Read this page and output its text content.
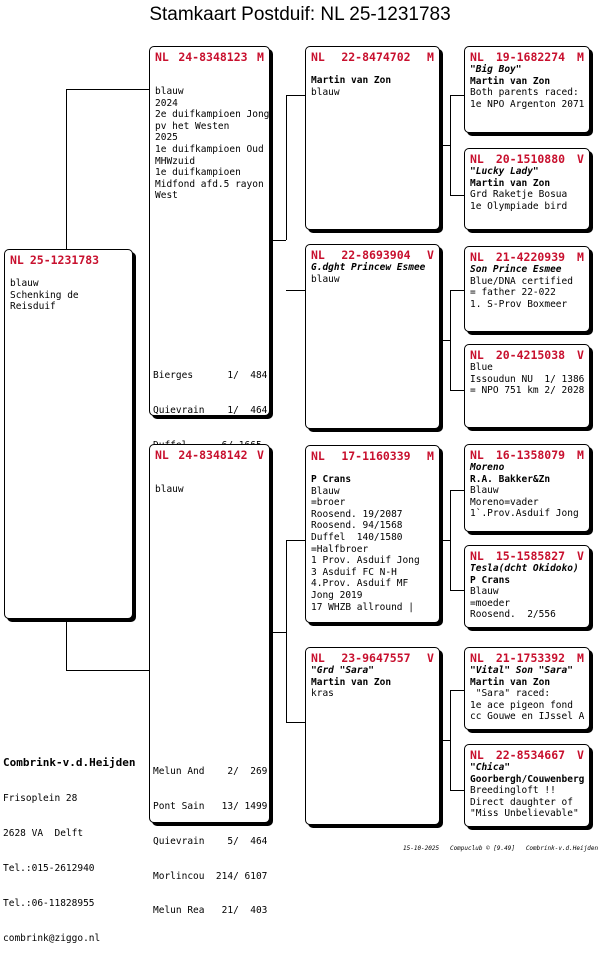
Stamkaart Postduif: NL 25-1231783
NL 25-1231783
blauw
Schenking de
Reisduif
NL 24-8348123 M
blauw
2024
2e duifkampioen Jong
pv het Westen
2025
1e duifkampioen Oud
MHWzuid
1e duifkampioen
Midfond afd.5 rayon
West

Bierges      1/  484

Quievrain    1/  464

NL 24-8348142 V
blauw

Melun And    2/  269

Pont Sain   13/ 1499

Quievrain    5/  464

Morlincou  214/ 6107

Melun Rea   21/  403

NL 22-8474702 M
Martin van Zon
blauw
NL 22-8693904 V
G.dght Princew Esmee
blauw
NL 17-1160339 M
P Crans
Blauw
=broer
Roosend. 19/2087
Roosend. 94/1568
Duffel  140/1580
=Halfbroer
1 Prov. Asduif Jong
3 Asduif FC N-H
4.Prov. Asduif MF
Jong 2019
17 WHZB allround |
NL 23-9647557 V
"Grd "Sara"
Martin van Zon
kras
NL 19-1682274 M
"Big Boy"
Martin van Zon
Both parents raced:
1e NPO Argenton 2071
NL 20-1510880 V
"Lucky Lady"
Martin van Zon
Grd Raketje Bosua
1e Olympiade bird
NL 21-4220939 M
Son Prince Esmee
Blue/DNA certified
= father 22-022
1. S-Prov Boxmeer
NL 20-4215038 V
Blue
Issoudun NU  1/ 1386
= NPO 751 km 2/ 2028
NL 16-1358079 M
Moreno
R.A. Bakker&Zn
Blauw
Moreno=vader
1`.Prov.Asduif Jong
NL 15-1585827 V
Tesla(dcht Okidoko)
P Crans
Blauw
=moeder
Roosend.  2/556
NL 21-1753392 M
"Vital" Son "Sara"
Martin van Zon
"Sara" raced:
1e ace pigeon fond
cc Gouwe en IJssel A
NL 22-8534667 V
"Chica"
Goorbergh/Couwenberg
Breedingloft !!
Direct daughter of
"Miss Unbelievable"

Combrink-v.d.Heijden

Frisoplein 28

2628 VA  Delft

Tel.:015-2612940

Tel.:06-11828955

combrink@ziggo.nl

15-10-2025   Compuclub © [9.49]   Combrink-v.d.Heijden
